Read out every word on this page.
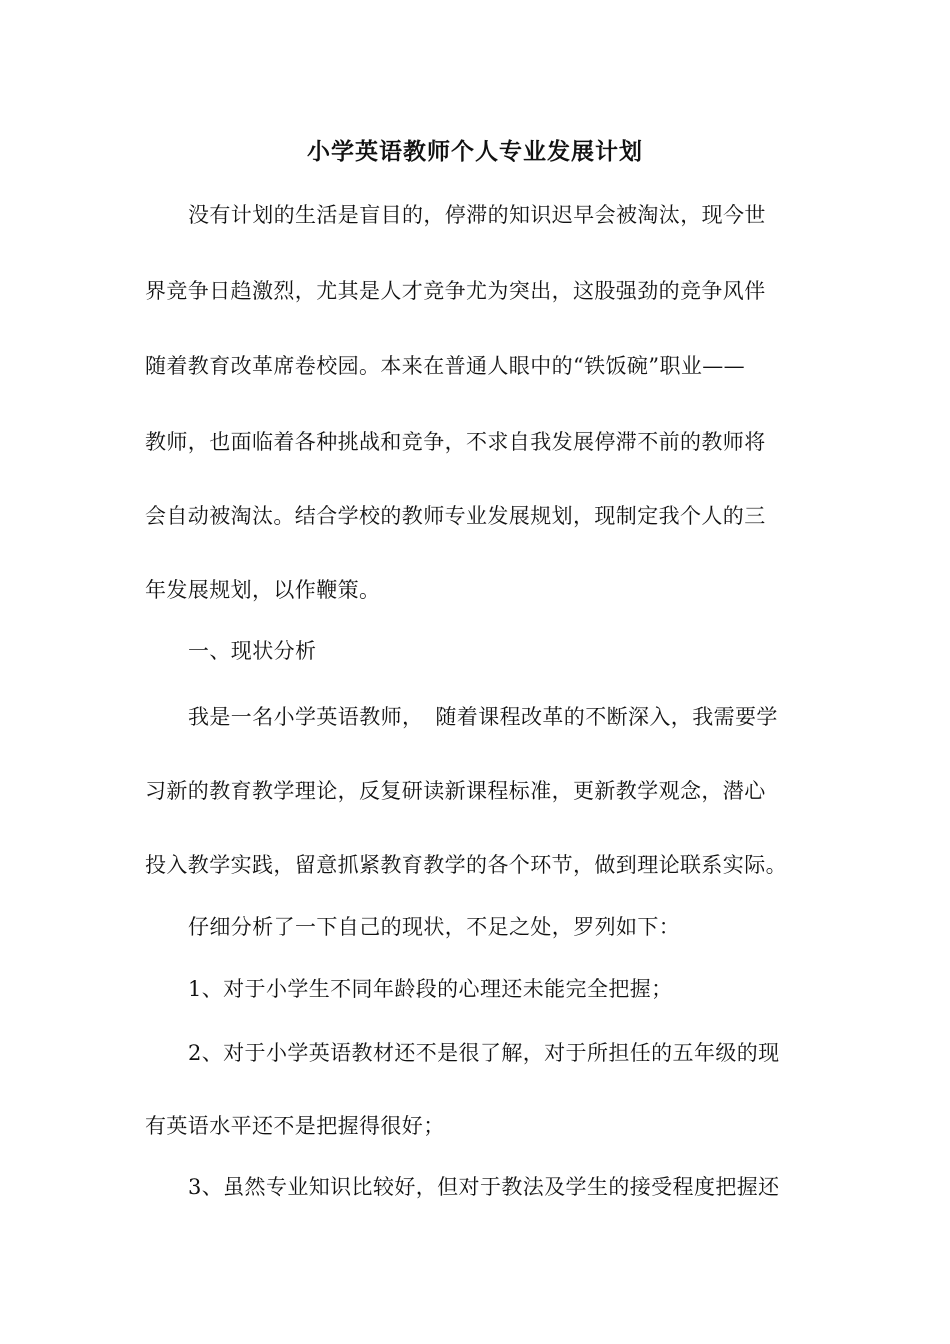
小学英语教师个人专业发展计划
没有计划的生活是盲目的，停滞的知识迟早会被淘汰，现今世
界竞争日趋激烈，尤其是人才竞争尤为突出，这股强劲的竞争风伴
随着教育改革席卷校园。本来在普通人眼中的“铁饭碗”职业——
教师，也面临着各种挑战和竞争，不求自我发展停滞不前的教师将
会自动被淘汰。结合学校的教师专业发展规划，现制定我个人的三
年发展规划，以作鞭策。
一、现状分析
我是一名小学英语教师， 随着课程改革的不断深入，我需要学
习新的教育教学理论，反复研读新课程标准，更新教学观念，潜心
投入教学实践，留意抓紧教育教学的各个环节，做到理论联系实际。
仔细分析了一下自己的现状，不足之处，罗列如下：
1、对于小学生不同年龄段的心理还未能完全把握；
2、对于小学英语教材还不是很了解，对于所担任的五年级的现
有英语水平还不是把握得很好；
3、虽然专业知识比较好，但对于教法及学生的接受程度把握还
